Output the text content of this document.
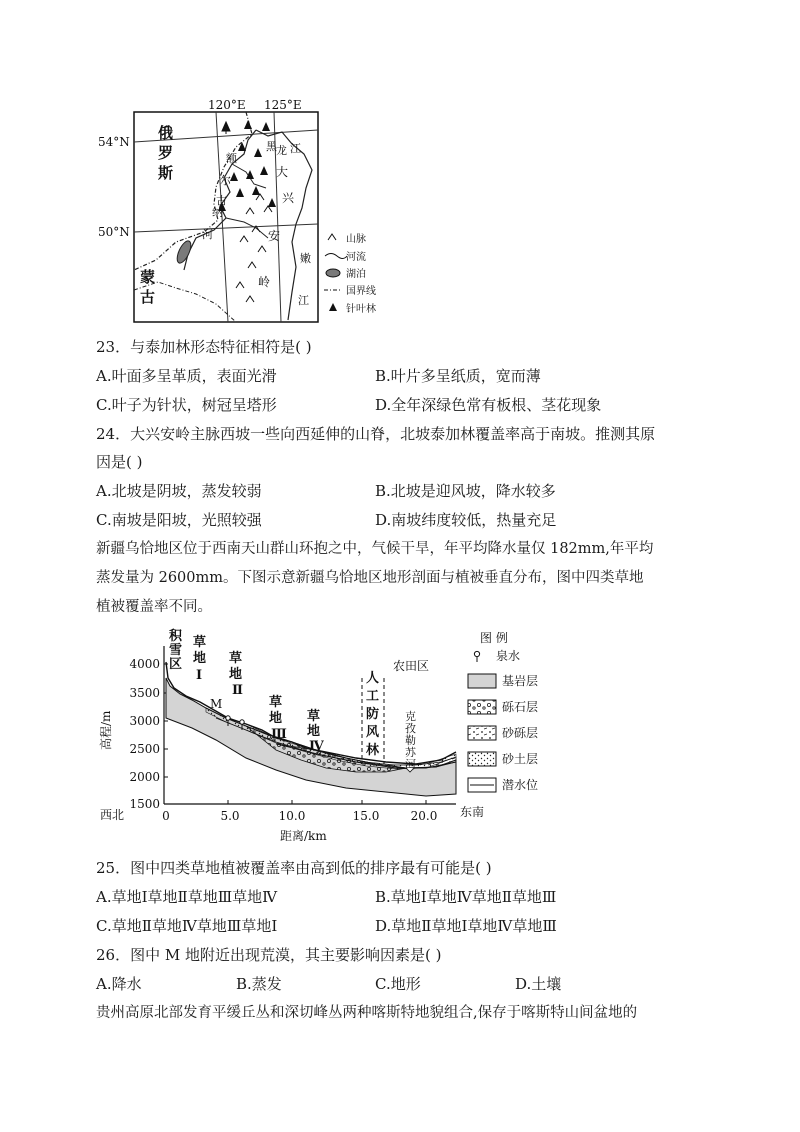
120°E 125°E
54°N
50°N
俄
罗
斯
蒙
古
额
尔
古
纳
河
黑 龙 江
大
兴
安
岭
嫩
江
山脉
河流
湖泊
国界线
针叶林
23．与泰加林形态特征相符是( )
A.叶面多呈革质，表面光滑	B.叶片多呈纸质，宽而薄
C.叶子为针状，树冠呈塔形	D.全年深绿色常有板根、茎花现象
24．大兴安岭主脉西坡一些向西延伸的山脊，北坡泰加林覆盖率高于南坡。推测其原
因是( )
A.北坡是阴坡，蒸发较弱	B.北坡是迎风坡，降水较多
C.南坡是阳坡，光照较强	D.南坡纬度较低，热量充足
新疆乌恰地区位于西南天山群山环抱之中，气候干旱，年平均降水量仅 182mm,年平均
蒸发量为 2600mm。下图示意新疆乌恰地区地形剖面与植被垂直分布，图中四类草地
植被覆盖率不同。
4000
3500
3000
2500
2000
1500
高程/m
0	5.0	10.0	15.0	20.0
西北	东南
距离/km
积
雪
区
草
地
Ⅰ
草
地
Ⅱ
草
地
Ⅲ
草
地
Ⅳ
人
工
防
风
林
农田区
克
孜
勒
苏
河
M
图 例
泉水
基岩层
砾石层
砂砾层
砂土层
潜水位
25．图中四类草地植被覆盖率由高到低的排序最有可能是( )
A.草地Ⅰ草地Ⅱ草地Ⅲ草地Ⅳ	B.草地Ⅰ草地Ⅳ草地Ⅱ草地Ⅲ
C.草地Ⅱ草地Ⅳ草地Ⅲ草地Ⅰ	D.草地Ⅱ草地Ⅰ草地Ⅳ草地Ⅲ
26．图中 M 地附近出现荒漠，其主要影响因素是( )
A.降水	B.蒸发	C.地形	D.土壤
贵州高原北部发育平缓丘丛和深切峰丛两种喀斯特地貌组合,保存于喀斯特山间盆地的
